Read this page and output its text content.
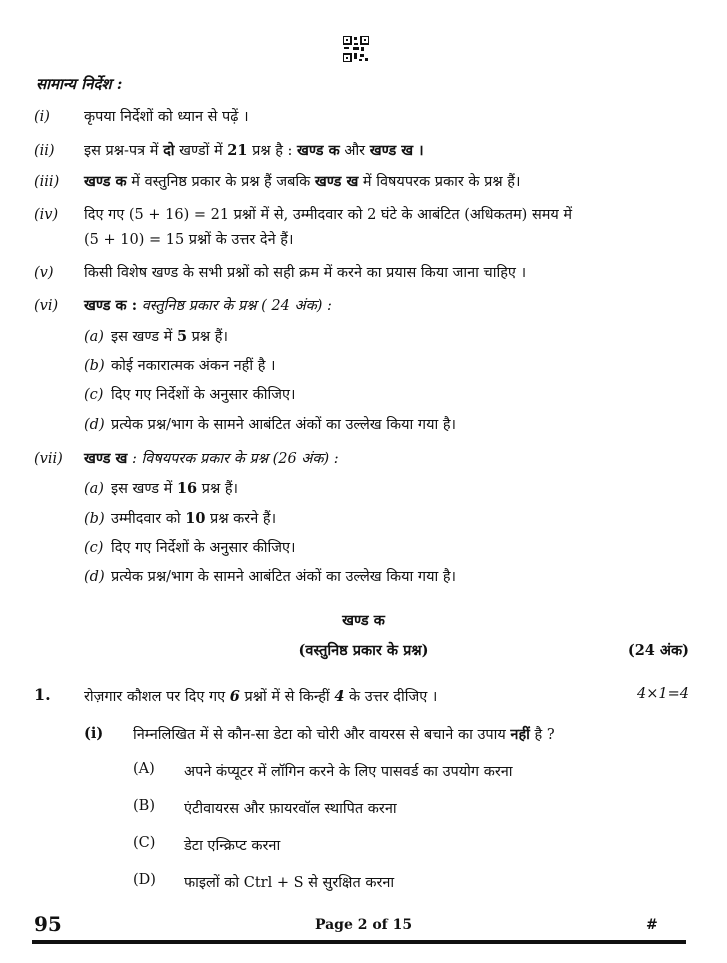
सामान्य निर्देश :
(i) कृपया निर्देशों को ध्यान से पढ़ें ।
(ii) इस प्रश्न-पत्र में दो खण्डों में 21 प्रश्न है : खण्ड क और खण्ड ख ।
(iii) खण्ड क में वस्तुनिष्ठ प्रकार के प्रश्न हैं जबकि खण्ड ख में विषयपरक प्रकार के प्रश्न हैं।
(iv) दिए गए (5 + 16) = 21 प्रश्नों में से, उम्मीदवार को 2 घंटे के आबंटित (अधिकतम) समय में
(5 + 10) = 15 प्रश्नों के उत्तर देने हैं।
(v) किसी विशेष खण्ड के सभी प्रश्नों को सही क्रम में करने का प्रयास किया जाना चाहिए ।
(vi) खण्ड क : वस्तुनिष्ठ प्रकार के प्रश्न ( 24 अंक) :
(a) इस खण्ड में 5 प्रश्न हैं।
(b) कोई नकारात्मक अंकन नहीं है ।
(c) दिए गए निर्देशों के अनुसार कीजिए।
(d) प्रत्येक प्रश्न/भाग के सामने आबंटित अंकों का उल्लेख किया गया है।
(vii) खण्ड ख : विषयपरक प्रकार के प्रश्न (26 अंक) :
(a) इस खण्ड में 16 प्रश्न हैं।
(b) उम्मीदवार को 10 प्रश्न करने हैं।
(c) दिए गए निर्देशों के अनुसार कीजिए।
(d) प्रत्येक प्रश्न/भाग के सामने आबंटित अंकों का उल्लेख किया गया है।
खण्ड क
(वस्तुनिष्ठ प्रकार के प्रश्न)	(24 अंक)
1. रोज़गार कौशल पर दिए गए 6 प्रश्नों में से किन्हीं 4 के उत्तर दीजिए ।	4×1=4
(i) निम्नलिखित में से कौन-सा डेटा को चोरी और वायरस से बचाने का उपाय नहीं है ?
(A) अपने कंप्यूटर में लॉगिन करने के लिए पासवर्ड का उपयोग करना
(B) एंटीवायरस और फ़ायरवॉल स्थापित करना
(C) डेटा एन्क्रिप्ट करना
(D) फाइलों को Ctrl + S से सुरक्षित करना
95	Page 2 of 15	#
